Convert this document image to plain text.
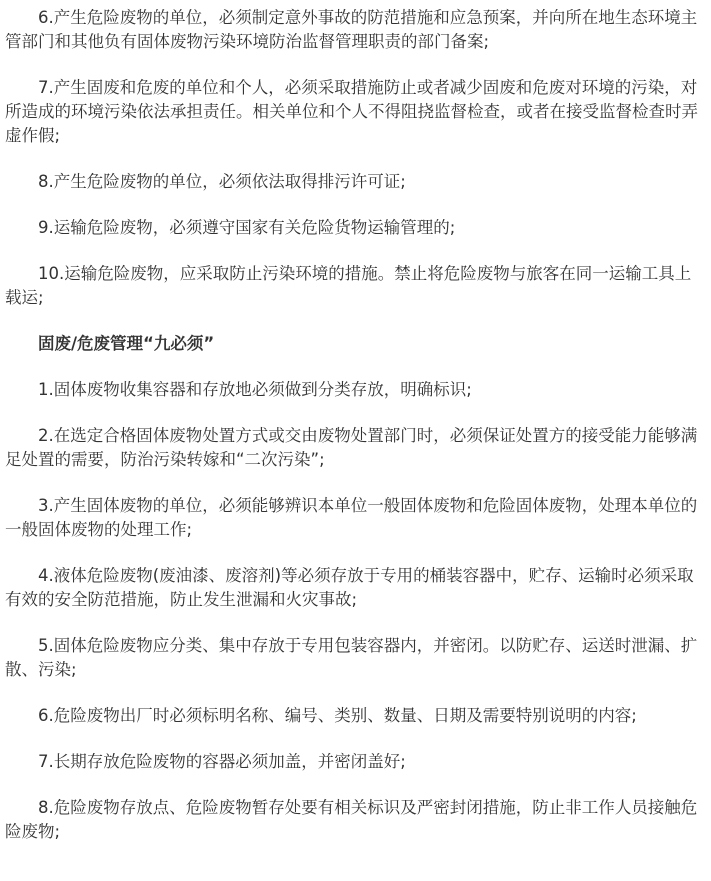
6.产生危险废物的单位，必须制定意外事故的防范措施和应急预案，并向所在地生态环境主管部门和其他负有固体废物污染环境防治监督管理职责的部门备案;

7.产生固废和危废的单位和个人，必须采取措施防止或者减少固废和危废对环境的污染，对所造成的环境污染依法承担责任。相关单位和个人不得阻挠监督检查，或者在接受监督检查时弄虚作假;

8.产生危险废物的单位，必须依法取得排污许可证;

9.运输危险废物，必须遵守国家有关危险货物运输管理的;

10.运输危险废物，应采取防止污染环境的措施。禁止将危险废物与旅客在同一运输工具上载运;

固废/危废管理“九必须”

1.固体废物收集容器和存放地必须做到分类存放，明确标识;

2.在选定合格固体废物处置方式或交由废物处置部门时，必须保证处置方的接受能力能够满足处置的需要，防治污染转嫁和“二次污染”;

3.产生固体废物的单位，必须能够辨识本单位一般固体废物和危险固体废物，处理本单位的一般固体废物的处理工作;

4.液体危险废物(废油漆、废溶剂)等必须存放于专用的桶装容器中，贮存、运输时必须采取有效的安全防范措施，防止发生泄漏和火灾事故;

5.固体危险废物应分类、集中存放于专用包装容器内，并密闭。以防贮存、运送时泄漏、扩散、污染;

6.危险废物出厂时必须标明名称、编号、类别、数量、日期及需要特别说明的内容;

7.长期存放危险废物的容器必须加盖，并密闭盖好;

8.危险废物存放点、危险废物暂存处要有相关标识及严密封闭措施，防止非工作人员接触危险废物;
